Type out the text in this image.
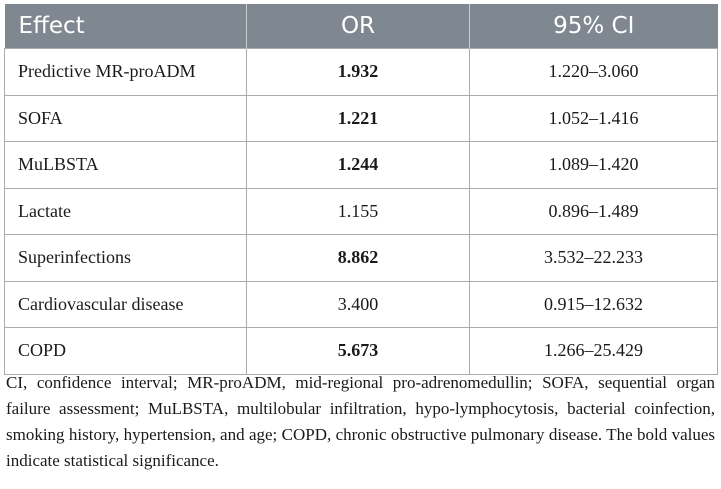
Effect	OR	95% CI
Predictive MR-proADM	1.932	1.220–3.060
SOFA	1.221	1.052–1.416
MuLBSTA	1.244	1.089–1.420
Lactate	1.155	0.896–1.489
Superinfections	8.862	3.532–22.233
Cardiovascular disease	3.400	0.915–12.632
COPD	5.673	1.266–25.429

CI, confidence interval; MR-proADM, mid-regional pro-adrenomedullin; SOFA, sequential organ failure assessment; MuLBSTA, multilobular infiltration, hypo-lymphocytosis, bacterial coinfection, smoking history, hypertension, and age; COPD, chronic obstructive pulmonary disease. The bold values indicate statistical significance.
